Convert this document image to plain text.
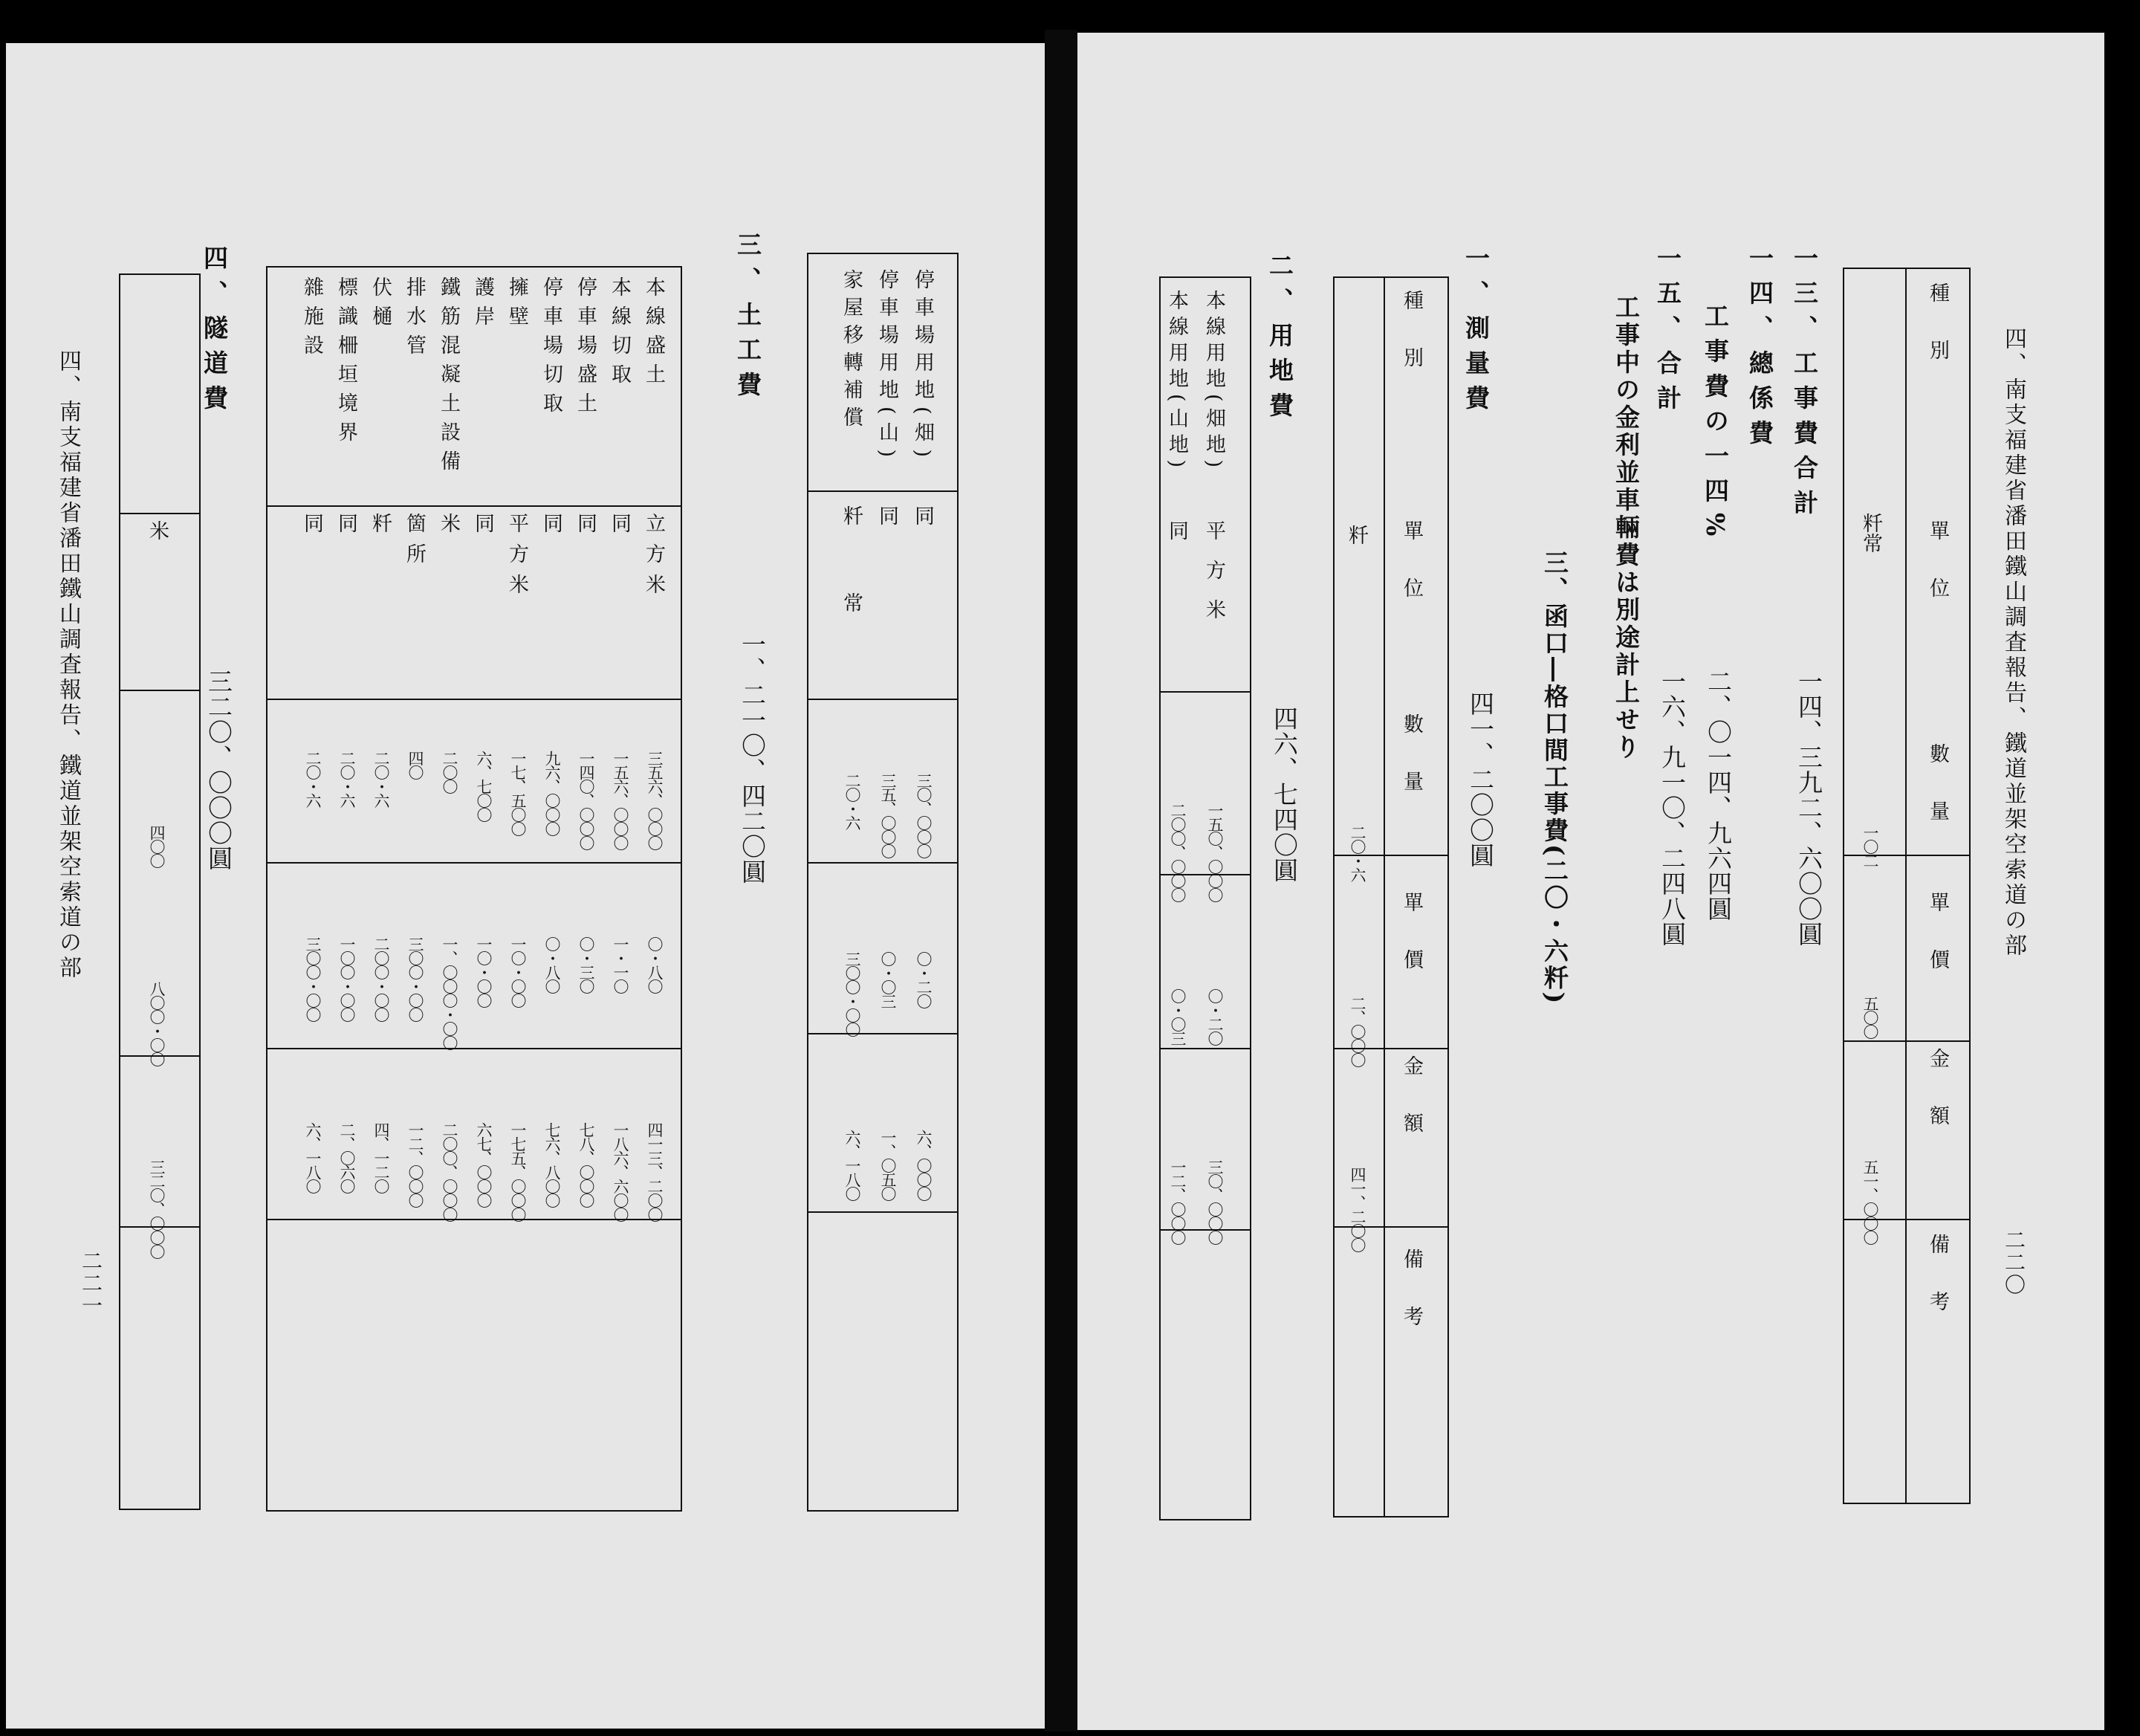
四、南支福建省潘田鐵山調査報告、鐵道並架空索道の部
二二一
米
四〇〇
八〇〇・〇〇
三二〇、〇〇〇
四、隧道費
三二〇、〇〇〇圓
本線盛土
立方米
三五六、〇〇〇
〇・八〇
四一三、二〇〇
本線切取
同
一五六、〇〇〇
一・一〇
一八六、六〇〇
停車場盛土
同
一四〇、〇〇〇
〇・三〇
七八、〇〇〇
停車場切取
同
九六、〇〇〇
〇・八〇
七六、八〇〇
擁壁
平方米
一七、五〇〇
一〇・〇〇
一七五、〇〇〇
護岸
同
六、七〇〇
一〇・〇〇
六七、〇〇〇
鐵筋混凝土設備
米
二〇〇
一、〇〇〇・〇〇
二〇〇、〇〇〇
排水管
箇所
四〇
三〇〇・〇〇
一二、〇〇〇
伏樋
粁
二〇・六
二〇〇・〇〇
四、一二〇
標識柵垣境界
同
二〇・六
一〇〇・〇〇
二、〇六〇
雜施設
同
二〇・六
三〇〇・〇〇
六、一八〇
三、土工費
一、二一〇、四二〇圓
停車場用地(畑)
同
三〇、〇〇〇
〇・二〇
六、〇〇〇
停車場用地(山)
同
三五、〇〇〇
〇・〇三
一、〇五〇
家屋移轉補償
粁常
二〇・六
三〇〇・〇〇
六、一八〇
四、南支福建省潘田鐵山調査報告、鐵道並架空索道の部
二二〇
種別
單位
數量
單價
金額
備考
粁常
一〇二
五〇〇
五一、〇〇〇
一三、工事費合計
一四、三九二、六〇〇圓
一四、總係費
工事費の一四%
二、〇一四、九六四圓
一五、合計
一六、九一〇、二四八圓
工事中の金利並車輛費は別途計上せり
三、函口―格口間工事費(二〇・六粁)
一、測量費
四一、二〇〇圓
種別
單位
數量
單價
金額
備考
粁
二〇・六
二、〇〇〇
四一、二〇〇
二、用地費
四六、七四〇圓
本線用地(畑地)
平方米
一五〇、〇〇〇
〇・二〇
三〇、〇〇〇
本線用地(山地)
同
二〇〇、〇〇〇
〇・〇三
一二、〇〇〇
